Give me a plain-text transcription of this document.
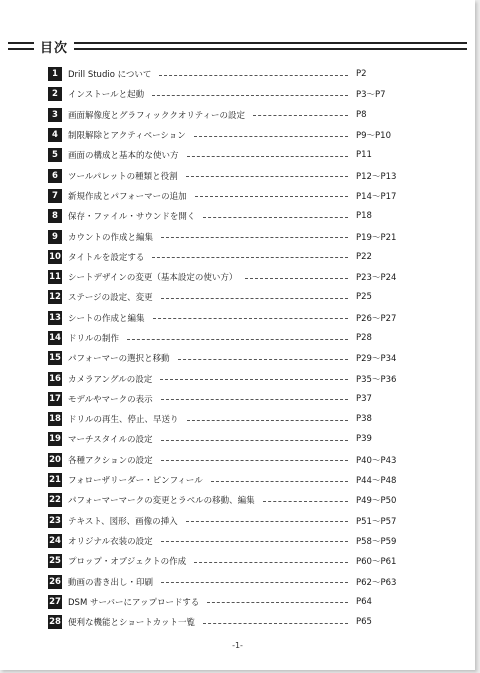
目次
1	Drill Studio について	P2
2	インストールと起動	P3～P7
3	画面解像度とグラフィッククオリティーの設定	P8
4	制限解除とアクティベーション	P9～P10
5	画面の構成と基本的な使い方	P11
6	ツールパレットの種類と役割	P12～P13
7	新規作成とパフォーマーの追加	P14～P17
8	保存・ファイル・サウンドを開く	P18
9	カウントの作成と編集	P19～P21
10 タイトルを設定する	P22
11 シートデザインの変更（基本設定の使い方）	P23～P24
12 ステージの設定、変更	P25
13 シートの作成と編集	P26～P27
14 ドリルの制作	P28
15 パフォーマーの選択と移動	P29～P34
16 カメラアングルの設定	P35～P36
17 モデルやマークの表示	P37
18 ドリルの再生、停止、早送り	P38
19 マーチスタイルの設定	P39
20 各種アクションの設定	P40～P43
21 フォローザリーダー・ピンフィール	P44～P48
22 パフォーマーマークの変更とラベルの移動、編集	P49～P50
23 テキスト、図形、画像の挿入	P51～P57
24 オリジナル衣装の設定	P58～P59
25 プロップ・オブジェクトの作成	P60～P61
26 動画の書き出し・印刷	P62～P63
27 DSM サーバーにアップロードする	P64
28 便利な機能とショートカット一覧	P65
-1-
